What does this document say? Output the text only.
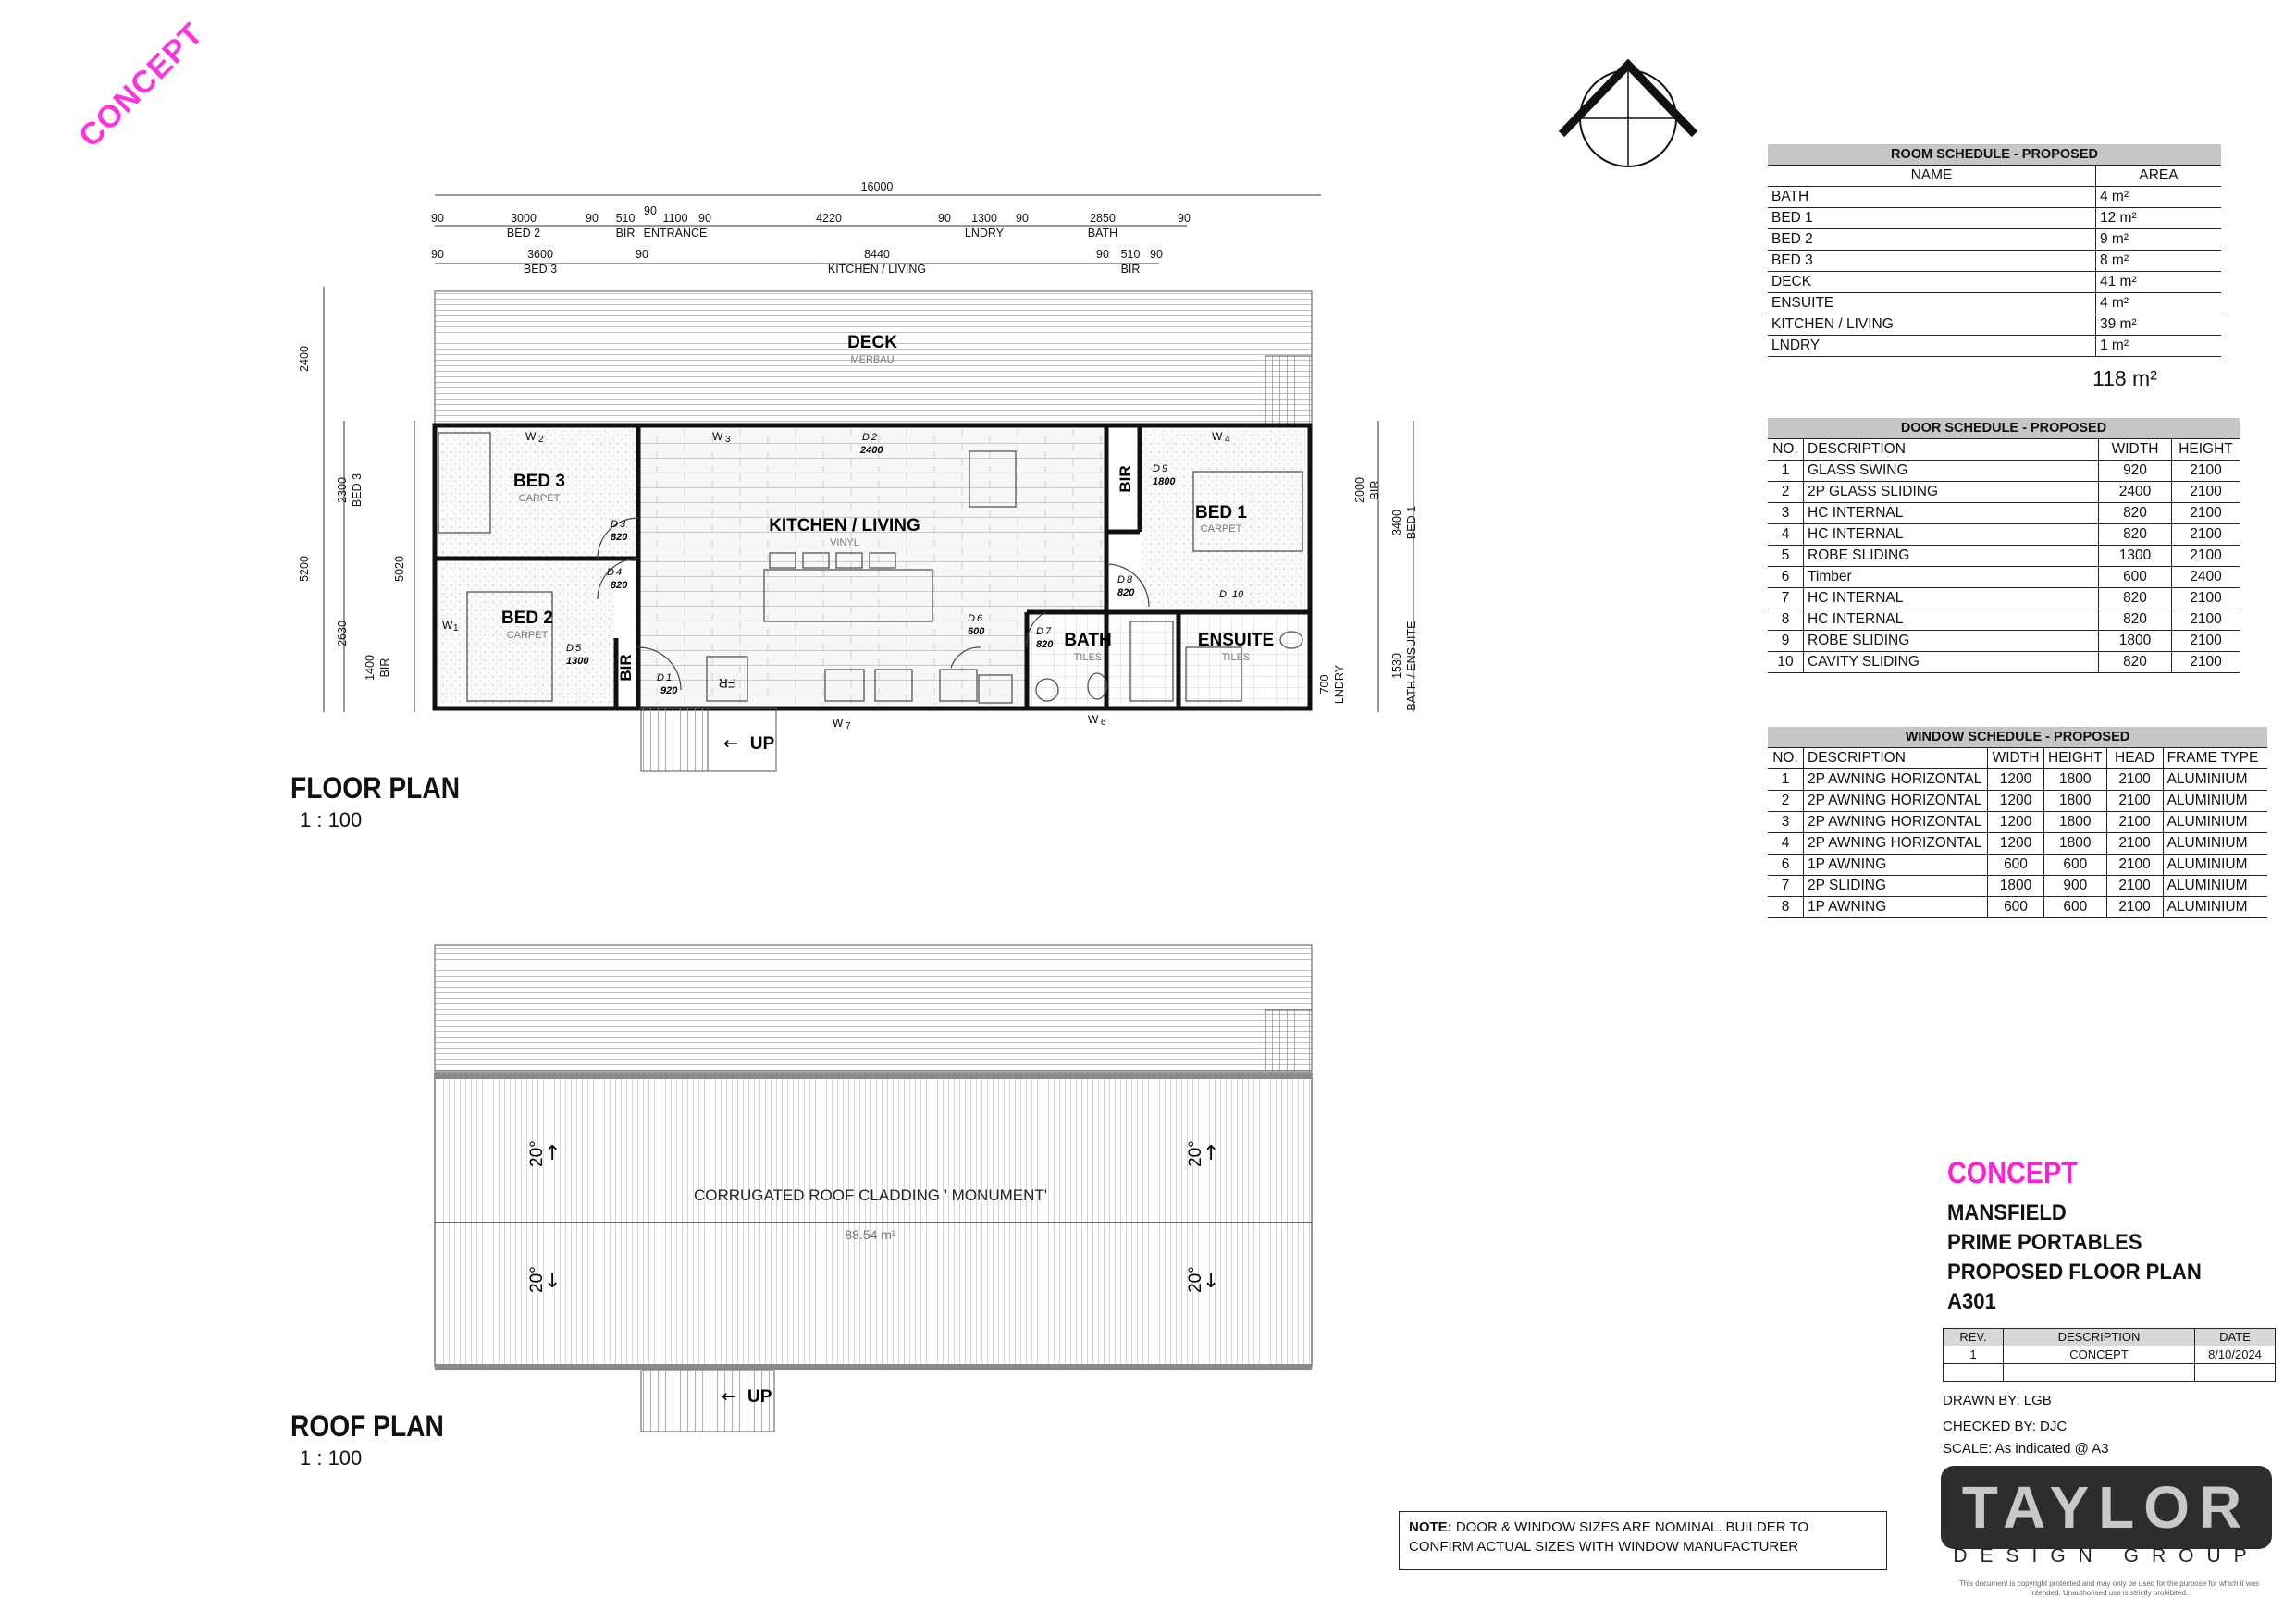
CONCEPT
16000
90	3000	90 510
90
1100 90	4220	90 1300 90	2850	90
BED 2	BIR ENTRANCE	LNDRY	BATH
90	3600	90	8440	90 510 90
BED 3	KITCHEN / LIVING	BIR
2400
5200
2300 BED 3
2630
1400 BIR
5020
2000 BIR
3400 BED 1
1530 BATH / ENSUITE
700 LNDRY
DECK
MERBAU
BED 3
CARPET
KITCHEN / LIVING
VINYL
BED 1
CARPET
BED 2
CARPET	BATH
TILES
ENSUITE
TILES
BIR
BIR
FR
UP
←
D 1
920
D 2
2400
D 3
820
D 4
820
D 5
1300
D 6
600	D 7
820
D 8
820
D 9
1800
D 10
W 1
W 2	W 3	W 4
W 6
W 7
CORRUGATED ROOF CLADDING ' MONUMENT'
88.54 m²
20°	20°
20°	20°
UP
↑	↑
↓	↓
←
FLOOR PLAN
1 : 100
ROOF PLAN
1 : 100
ROOM SCHEDULE - PROPOSED	
NAME	AREA
BATH	4 m²
BED 1	12 m²
BED 2	9 m²
BED 3	8 m²
DECK	41 m²
ENSUITE	4 m²
KITCHEN / LIVING	39 m²
LNDRY	1 m²
118 m²
DOOR SCHEDULE - PROPOSED			
NO.	DESCRIPTION	WIDTH	HEIGHT
1	GLASS SWING	920	2100
2	2P GLASS SLIDING	2400	2100
3	HC INTERNAL	820	2100
4	HC INTERNAL	820	2100
5	ROBE SLIDING	1300	2100
6	Timber	600	2400
7	HC INTERNAL	820	2100
8	HC INTERNAL	820	2100
9	ROBE SLIDING	1800	2100
10	CAVITY SLIDING	820	2100
WINDOW SCHEDULE - PROPOSED					
NO.	DESCRIPTION	WIDTH	HEIGHT	HEAD	FRAME TYPE
1	2P AWNING HORIZONTAL	1200	1800	2100	ALUMINIUM
2	2P AWNING HORIZONTAL	1200	1800	2100	ALUMINIUM
3	2P AWNING HORIZONTAL	1200	1800	2100	ALUMINIUM
4	2P AWNING HORIZONTAL	1200	1800	2100	ALUMINIUM
6	1P AWNING	600	600	2100	ALUMINIUM
7	2P SLIDING	1800	900	2100	ALUMINIUM
8	1P AWNING	600	600	2100	ALUMINIUM
CONCEPT
MANSFIELD
PRIME PORTABLES
PROPOSED FLOOR PLAN
A301
REV.	DESCRIPTION	DATE
1	CONCEPT	8/10/2024

DRAWN BY: LGB
CHECKED BY: DJC
SCALE: As indicated @ A3
TAYLOR
DESIGN GROUP
This document is copyright protected and may only be used for the purpose for which it was intended. Unauthorised use is strictly prohibited.
NOTE: DOOR & WINDOW SIZES ARE NOMINAL. BUILDER TO CONFIRM ACTUAL SIZES WITH WINDOW MANUFACTURER
